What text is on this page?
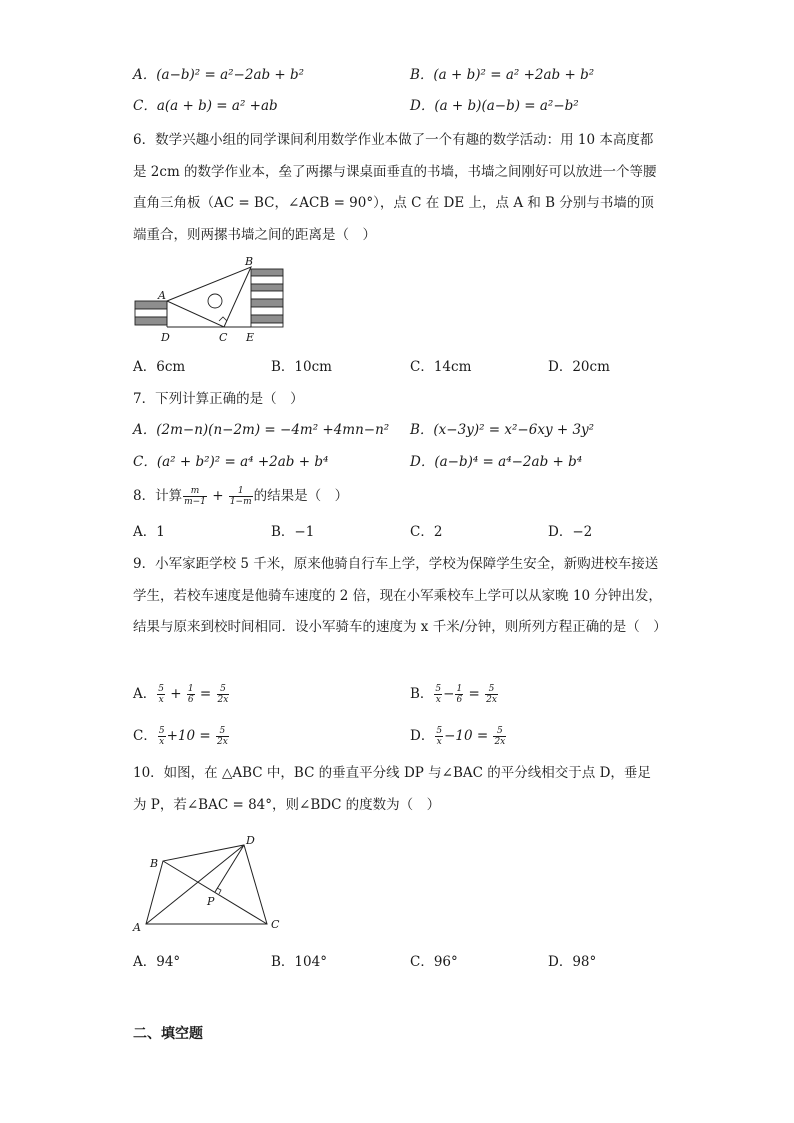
A．(a−b)² = a²−2ab + b²	B．(a + b)² = a² +2ab + b²
C．a(a + b) = a² +ab	D．(a + b)(a−b) = a²−b²
6．数学兴趣小组的同学课间利用数学作业本做了一个有趣的数学活动：用 10 本高度都是 2cm 的数学作业本，垒了两摞与课桌面垂直的书墙，书墙之间刚好可以放进一个等腰直角三角板（AC = BC，∠ACB = 90°），点 C 在 DE 上，点 A 和 B 分别与书墙的顶端重合，则两摞书墙之间的距离是（　）
A
B
C
D	E
A．6cm	B．10cm	C．14cm	D．20cm
7．下列计算正确的是（　）
A．(2m−n)(n−2m) = −4m² +4mn−n² B．(x−3y)² = x²−6xy + 3y²
C．(a² + b²)² = a⁴ +2ab + b⁴	D．(a−b)⁴ = a⁴−2ab + b⁴
8．计算 $\frac{m}{m-1} + \frac{1}{1-m}$ 的结果是（　）
A．1	B．−1	C．2	D．−2
9．小军家距学校 5 千米，原来他骑自行车上学，学校为保障学生安全，新购进校车接送学生，若校车速度是他骑车速度的 2 倍，现在小军乘校车上学可以从家晚 10 分钟出发，结果与原来到校时间相同．设小军骑车的速度为 x 千米/分钟，则所列方程正确的是（　）
A． $\frac{5}{x} + \frac{1}{6} = \frac{5}{2x}$	B． $\frac{5}{x} - \frac{1}{6} = \frac{5}{2x}$
C． $\frac{5}{x} +10 = \frac{5}{2x}$	D． $\frac{5}{x} -10 = \frac{5}{2x}$
10．如图，在 △ABC 中，BC 的垂直平分线 DP 与∠BAC 的平分线相交于点 D，垂足为 P，若∠BAC = 84°，则∠BDC 的度数为（　）
A
B
C
D
P
A．94°	B．104°	C．96°	D．98°
二、填空题
